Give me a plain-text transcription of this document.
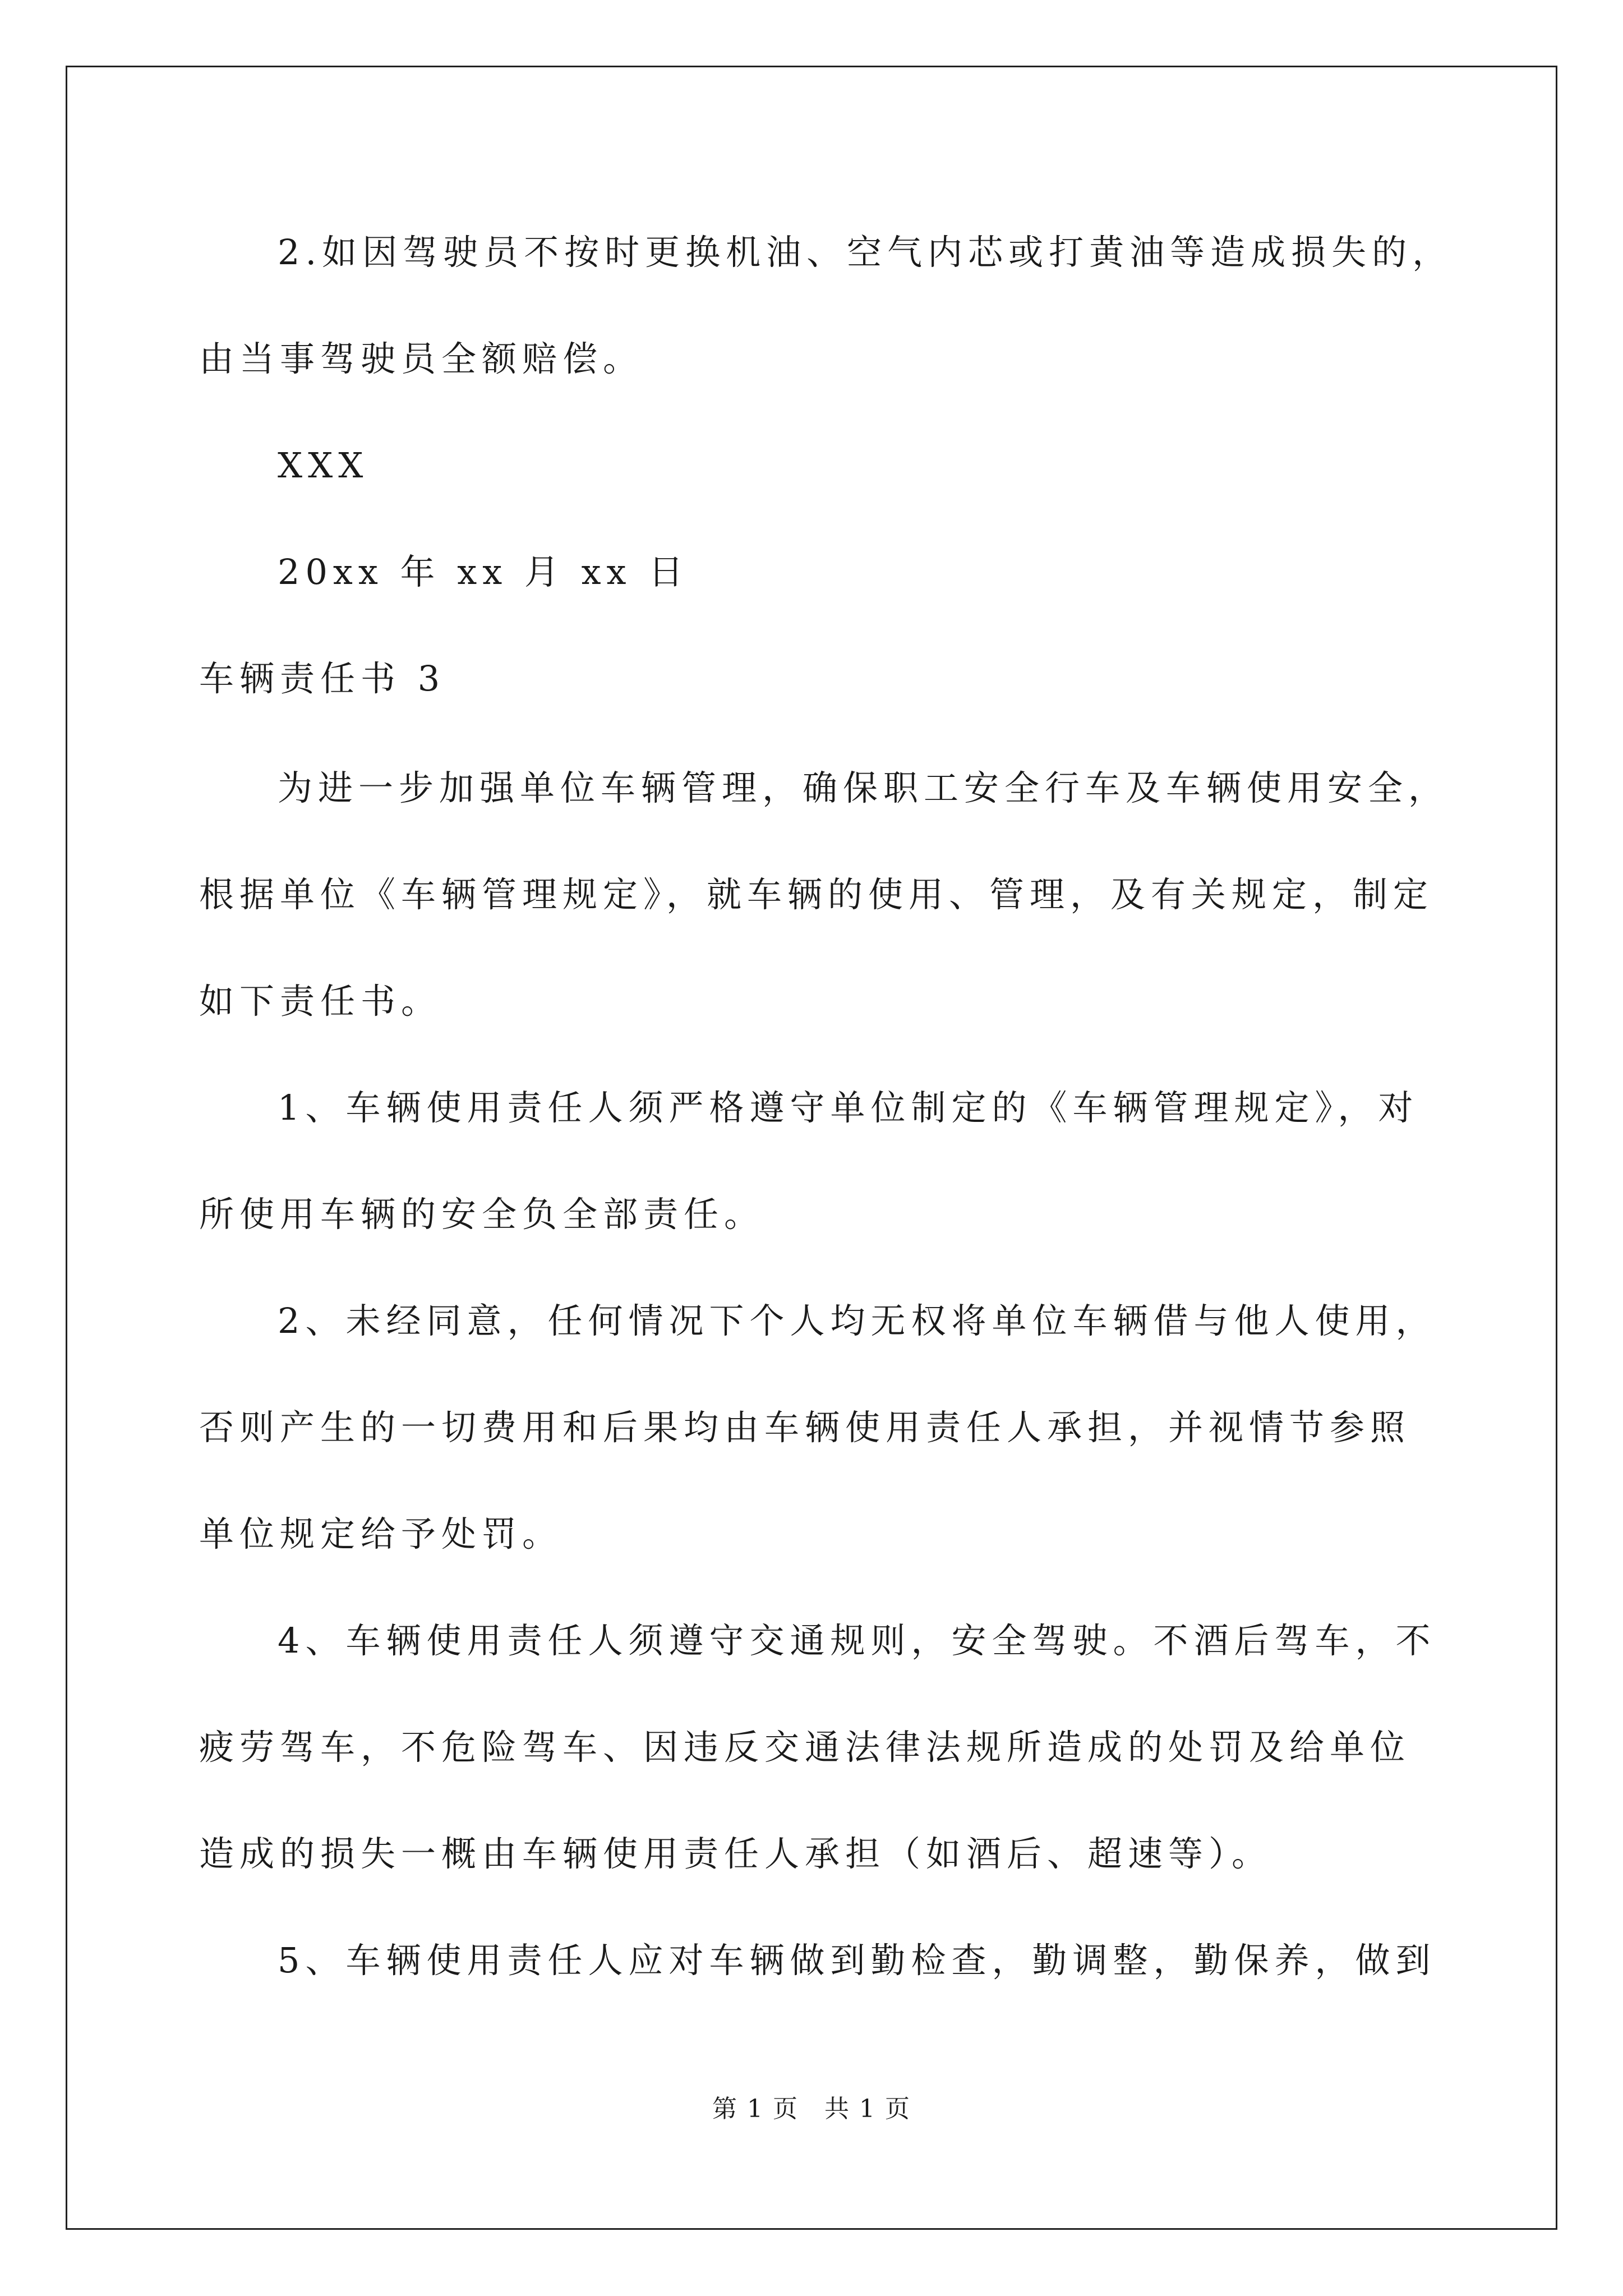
2.如因驾驶员不按时更换机油、空气内芯或打黄油等造成损失的，
由当事驾驶员全额赔偿。
XXX
20xx 年 xx 月 xx 日
车辆责任书 3
为进一步加强单位车辆管理，确保职工安全行车及车辆使用安全，
根据单位《车辆管理规定》，就车辆的使用、管理，及有关规定，制定
如下责任书。
1、车辆使用责任人须严格遵守单位制定的《车辆管理规定》，对
所使用车辆的安全负全部责任。
2、未经同意，任何情况下个人均无权将单位车辆借与他人使用，
否则产生的一切费用和后果均由车辆使用责任人承担，并视情节参照
单位规定给予处罚。
4、车辆使用责任人须遵守交通规则，安全驾驶。不酒后驾车，不
疲劳驾车，不危险驾车、因违反交通法律法规所造成的处罚及给单位
造成的损失一概由车辆使用责任人承担（如酒后、超速等）。
5、车辆使用责任人应对车辆做到勤检查，勤调整，勤保养，做到
第 1 页　共 1 页
